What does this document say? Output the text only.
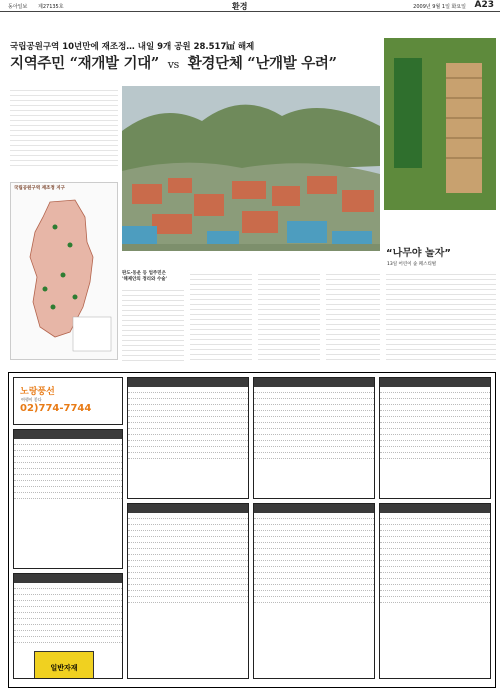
동아일보 제27135호	환경	2009년 9월 1일 화요일 A23
국립공원구역 10년만에 재조정… 내일 9개 공원 28.517㎢ 해제
지역주민 “재개발 기대” vs 환경단체 “난개발 우려”
국립공원구역 재조정 지구
판도·동운 등 업주민은
'해제안의 정리와 수술'
“나무야 놀자”
13일 어린이 숲 페스티벌
노랑풍선
여행이 좋다
02)774-7744
일반자재
